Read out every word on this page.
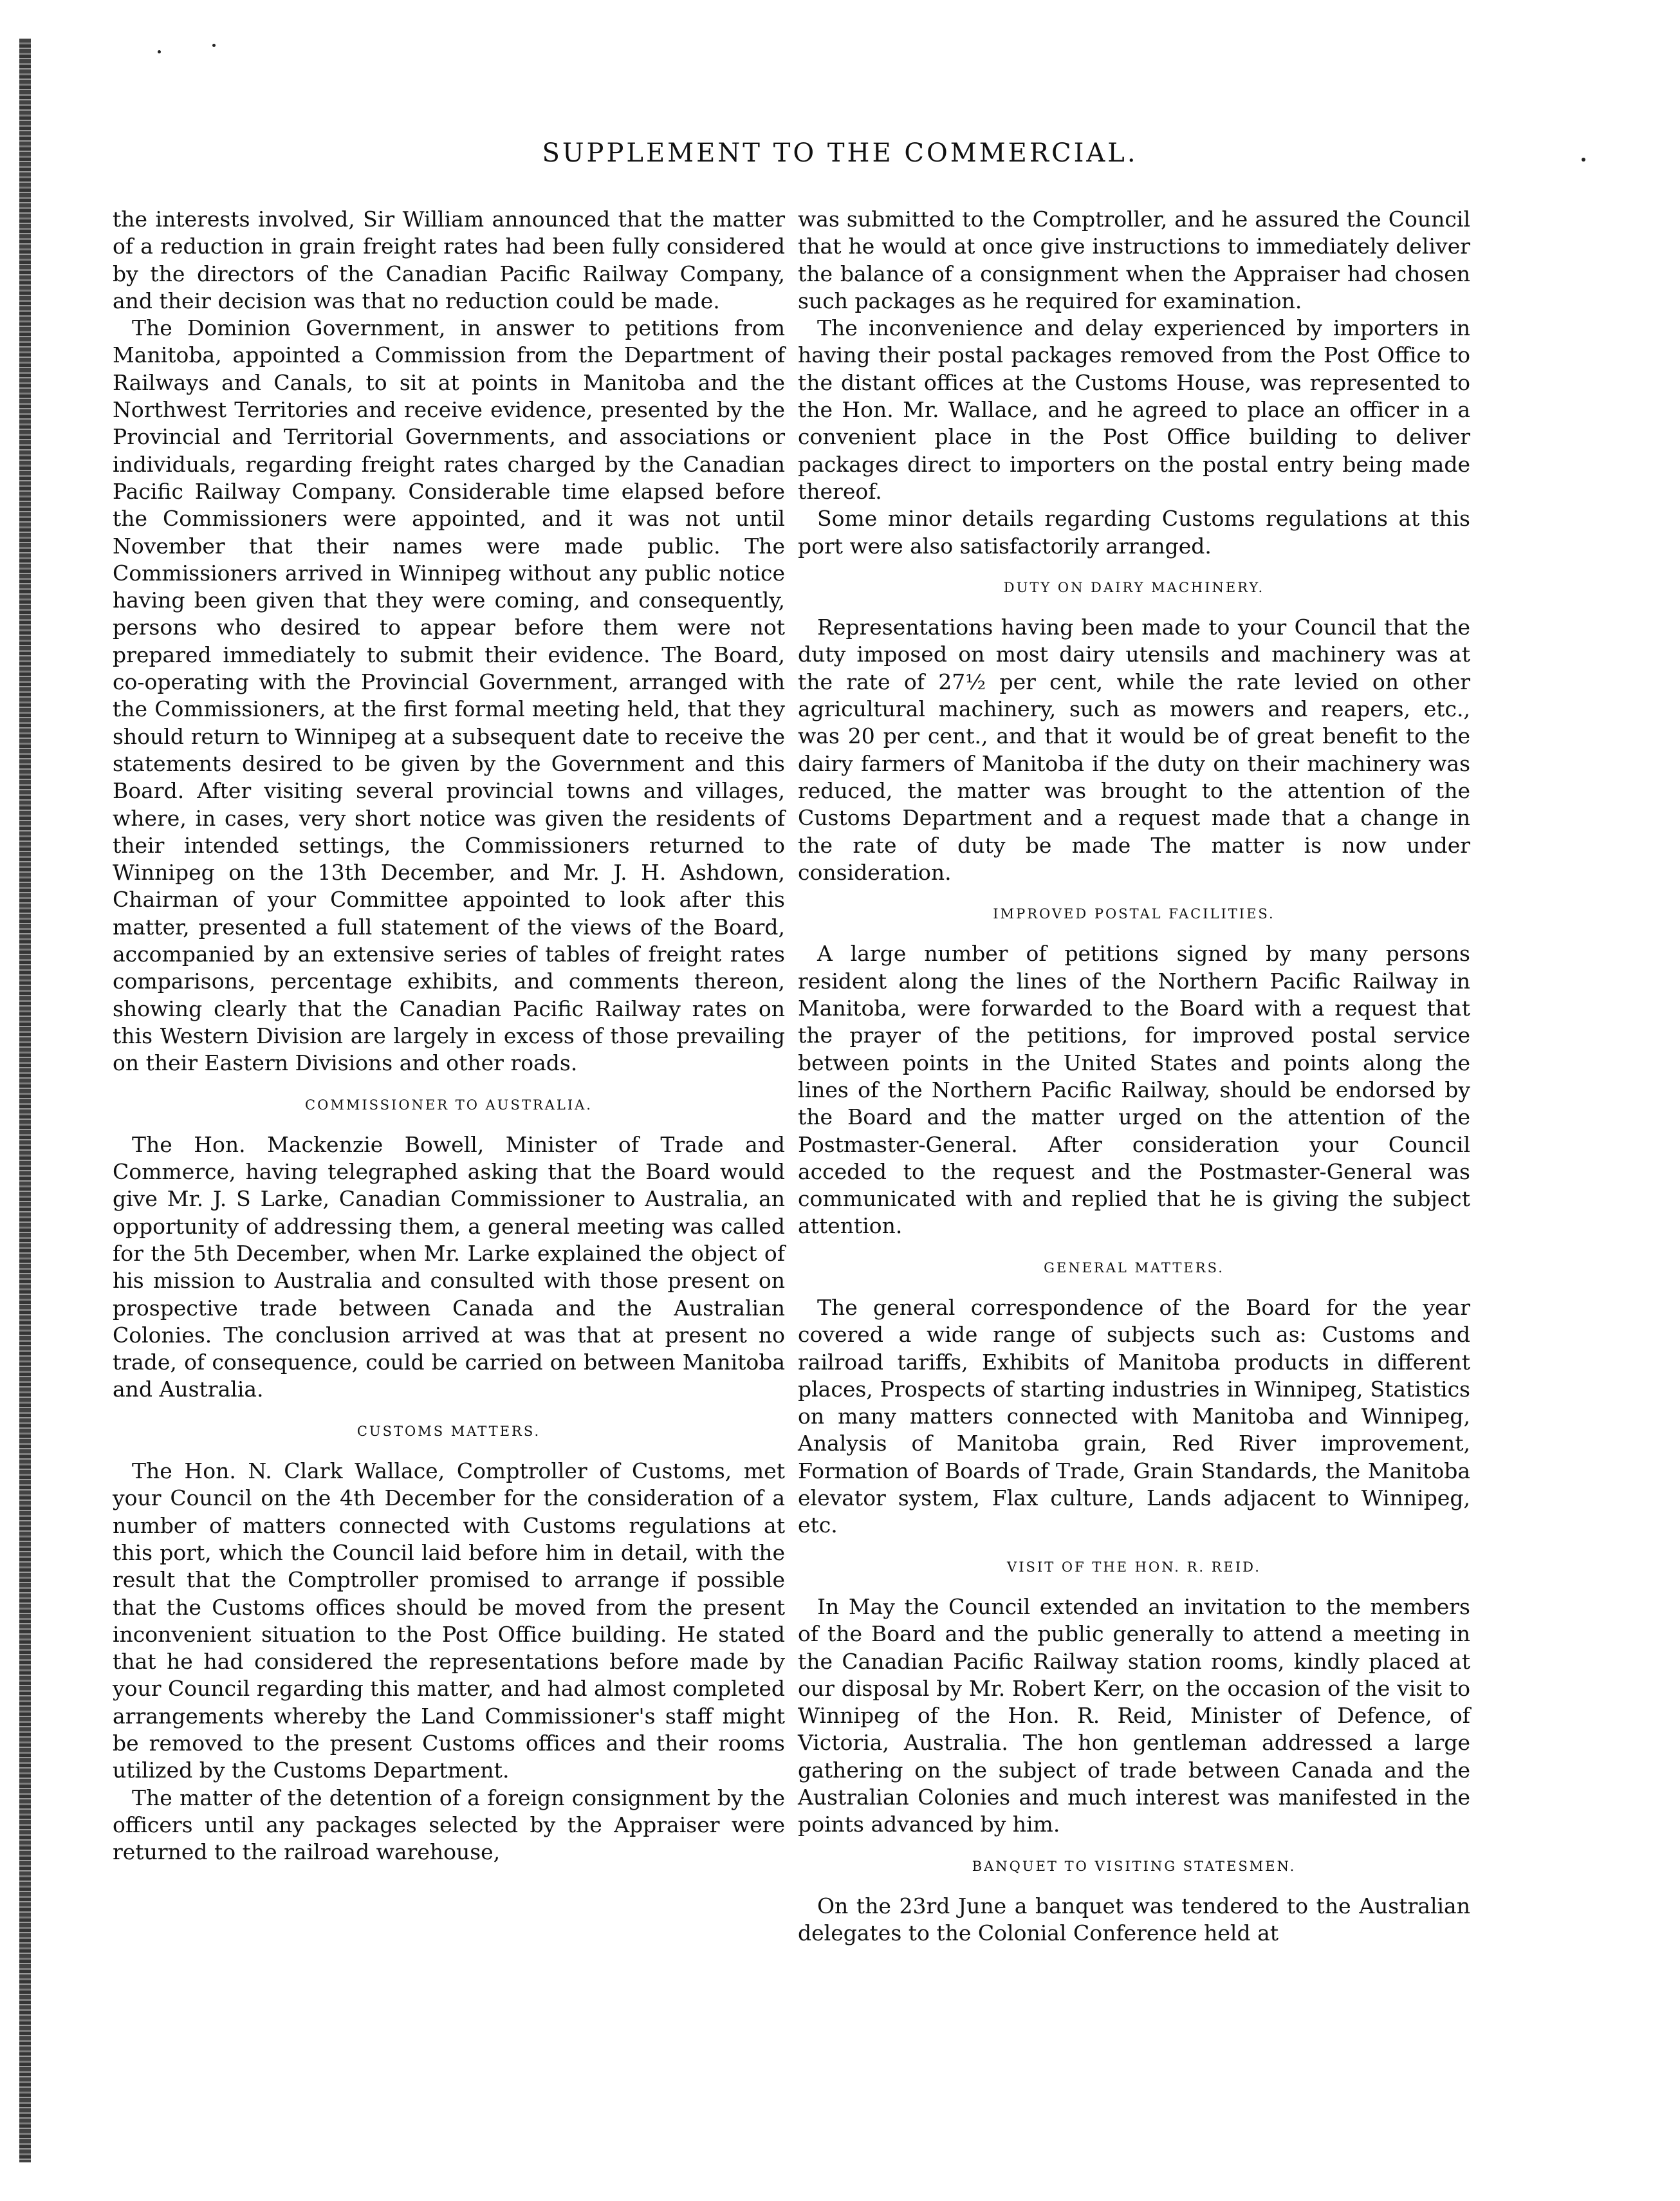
SUPPLEMENT TO THE COMMERCIAL.

the interests involved, Sir William announced that the matter of a reduction in grain freight rates had been fully considered by the directors of the Canadian Pacific Railway Company, and their decision was that no reduction could be made.

The Dominion Government, in answer to petitions from Manitoba, appointed a Commission from the Department of Railways and Canals, to sit at points in Manitoba and the Northwest Territories and receive evidence, presented by the Provincial and Territorial Governments, and associations or individuals, regarding freight rates charged by the Canadian Pacific Railway Company. Considerable time elapsed before the Commissioners were appointed, and it was not until November that their names were made public. The Commissioners arrived in Winnipeg without any public notice having been given that they were coming, and consequently, persons who desired to appear before them were not prepared immediately to submit their evidence. The Board, co-operating with the Provincial Government, arranged with the Commissioners, at the first formal meeting held, that they should return to Winnipeg at a subsequent date to receive the statements desired to be given by the Government and this Board. After visiting several provincial towns and villages, where, in cases, very short notice was given the residents of their intended settings, the Commissioners returned to Winnipeg on the 13th December, and Mr. J. H. Ashdown, Chairman of your Committee appointed to look after this matter, presented a full statement of the views of the Board, accompanied by an extensive series of tables of freight rates comparisons, percentage exhibits, and comments thereon, showing clearly that the Canadian Pacific Railway rates on this Western Division are largely in excess of those prevailing on their Eastern Divisions and other roads.

COMMISSIONER TO AUSTRALIA.

The Hon. Mackenzie Bowell, Minister of Trade and Commerce, having telegraphed asking that the Board would give Mr. J. S Larke, Canadian Commissioner to Australia, an opportunity of addressing them, a general meeting was called for the 5th December, when Mr. Larke explained the object of his mission to Australia and consulted with those present on prospective trade between Canada and the Australian Colonies. The conclusion arrived at was that at present no trade, of consequence, could be carried on between Manitoba and Australia.

CUSTOMS MATTERS.

The Hon. N. Clark Wallace, Comptroller of Customs, met your Council on the 4th December for the consideration of a number of matters connected with Customs regulations at this port, which the Council laid before him in detail, with the result that the Comptroller promised to arrange if possible that the Customs offices should be moved from the present inconvenient situation to the Post Office building. He stated that he had considered the representations before made by your Council regarding this matter, and had almost completed arrangements whereby the Land Commissioner's staff might be removed to the present Customs offices and their rooms utilized by the Customs Department.

The matter of the detention of a foreign consignment by the officers until any packages selected by the Appraiser were returned to the railroad warehouse,

was submitted to the Comptroller, and he assured the Council that he would at once give instructions to immediately deliver the balance of a consignment when the Appraiser had chosen such packages as he required for examination.

The inconvenience and delay experienced by importers in having their postal packages removed from the Post Office to the distant offices at the Customs House, was represented to the Hon. Mr. Wallace, and he agreed to place an officer in a convenient place in the Post Office building to deliver packages direct to importers on the postal entry being made thereof.

Some minor details regarding Customs regulations at this port were also satisfactorily arranged.

DUTY ON DAIRY MACHINERY.

Representations having been made to your Council that the duty imposed on most dairy utensils and machinery was at the rate of 27½ per cent, while the rate levied on other agricultural machinery, such as mowers and reapers, etc., was 20 per cent., and that it would be of great benefit to the dairy farmers of Manitoba if the duty on their machinery was reduced, the matter was brought to the attention of the Customs Department and a request made that a change in the rate of duty be made The matter is now under consideration.

IMPROVED POSTAL FACILITIES.

A large number of petitions signed by many persons resident along the lines of the Northern Pacific Railway in Manitoba, were forwarded to the Board with a request that the prayer of the petitions, for improved postal service between points in the United States and points along the lines of the Northern Pacific Railway, should be endorsed by the Board and the matter urged on the attention of the Postmaster-General. After consideration your Council acceded to the request and the Postmaster-General was communicated with and replied that he is giving the subject attention.

GENERAL MATTERS.

The general correspondence of the Board for the year covered a wide range of subjects such as: Customs and railroad tariffs, Exhibits of Manitoba products in different places, Prospects of starting industries in Winnipeg, Statistics on many matters connected with Manitoba and Winnipeg, Analysis of Manitoba grain, Red River improvement, Formation of Boards of Trade, Grain Standards, the Manitoba elevator system, Flax culture, Lands adjacent to Winnipeg, etc.

VISIT OF THE HON. R. REID.

In May the Council extended an invitation to the members of the Board and the public generally to attend a meeting in the Canadian Pacific Railway station rooms, kindly placed at our disposal by Mr. Robert Kerr, on the occasion of the visit to Winnipeg of the Hon. R. Reid, Minister of Defence, of Victoria, Australia. The hon gentleman addressed a large gathering on the subject of trade between Canada and the Australian Colonies and much interest was manifested in the points advanced by him.

BANQUET TO VISITING STATESMEN.

On the 23rd June a banquet was tendered to the Australian delegates to the Colonial Conference held at
